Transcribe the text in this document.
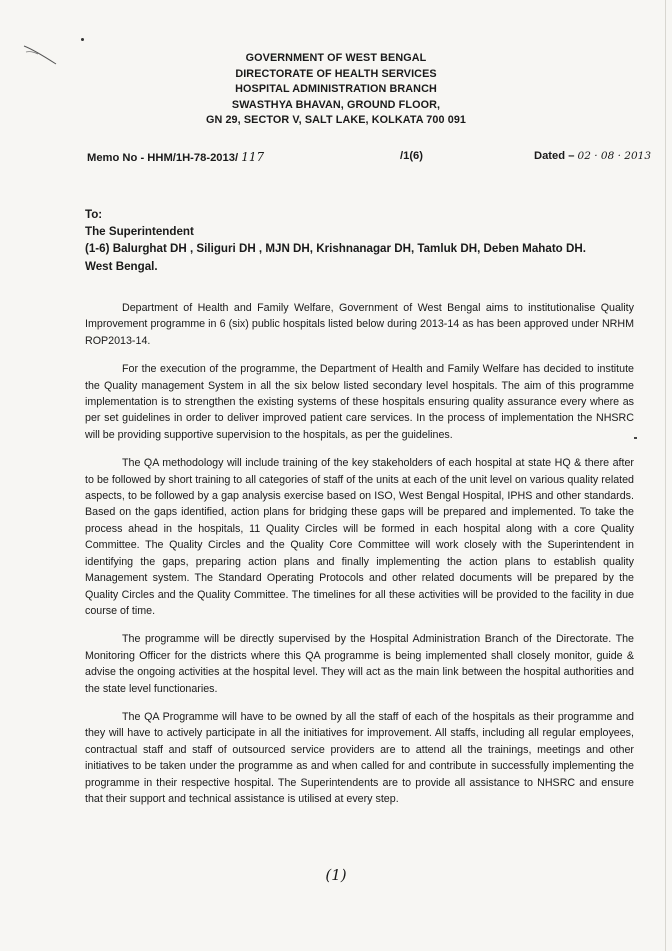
GOVERNMENT OF WEST BENGAL
DIRECTORATE OF HEALTH SERVICES
HOSPITAL ADMINISTRATION BRANCH
SWASTHYA BHAVAN, GROUND FLOOR,
GN 29, SECTOR V, SALT LAKE, KOLKATA 700 091
Memo No - HHM/1H-78-2013/ 117	/1(6)	Dated – 02 · 08 · 2013
To:
The Superintendent
(1-6) Balurghat DH , Siliguri DH , MJN DH, Krishnanagar DH, Tamluk DH, Deben Mahato DH.
West Bengal.

Department of Health and Family Welfare, Government of West Bengal aims to institutionalise Quality Improvement programme in 6 (six) public hospitals listed below during 2013-14 as has been approved under NRHM ROP2013-14.

For the execution of the programme, the Department of Health and Family Welfare has decided to institute the Quality management System in all the six below listed secondary level hospitals. The aim of this programme implementation is to strengthen the existing systems of these hospitals ensuring quality assurance every where as per set guidelines in order to deliver improved patient care services. In the process of implementation the NHSRC will be providing supportive supervision to the hospitals, as per the guidelines.

The QA methodology will include training of the key stakeholders of each hospital at state HQ & there after to be followed by short training to all categories of staff of the units at each of the unit level on various quality related aspects, to be followed by a gap analysis exercise based on ISO, West Bengal Hospital, IPHS and other standards. Based on the gaps identified, action plans for bridging these gaps will be prepared and implemented. To take the process ahead in the hospitals, 11 Quality Circles will be formed in each hospital along with a core Quality Committee. The Quality Circles and the Quality Core Committee will work closely with the Superintendent in identifying the gaps, preparing action plans and finally implementing the action plans to establish quality Management system. The Standard Operating Protocols and other related documents will be prepared by the Quality Circles and the Quality Committee. The timelines for all these activities will be provided to the facility in due course of time.

The programme will be directly supervised by the Hospital Administration Branch of the Directorate. The Monitoring Officer for the districts where this QA programme is being implemented shall closely monitor, guide & advise the ongoing activities at the hospital level. They will act as the main link between the hospital authorities and the state level functionaries.

The QA Programme will have to be owned by all the staff of each of the hospitals as their programme and they will have to actively participate in all the initiatives for improvement. All staffs, including all regular employees, contractual staff and staff of outsourced service providers are to attend all the trainings, meetings and other initiatives to be taken under the programme as and when called for and contribute in successfully implementing the programme in their respective hospital. The Superintendents are to provide all assistance to NHSRC and ensure that their support and technical assistance is utilised at every step.

(1)
